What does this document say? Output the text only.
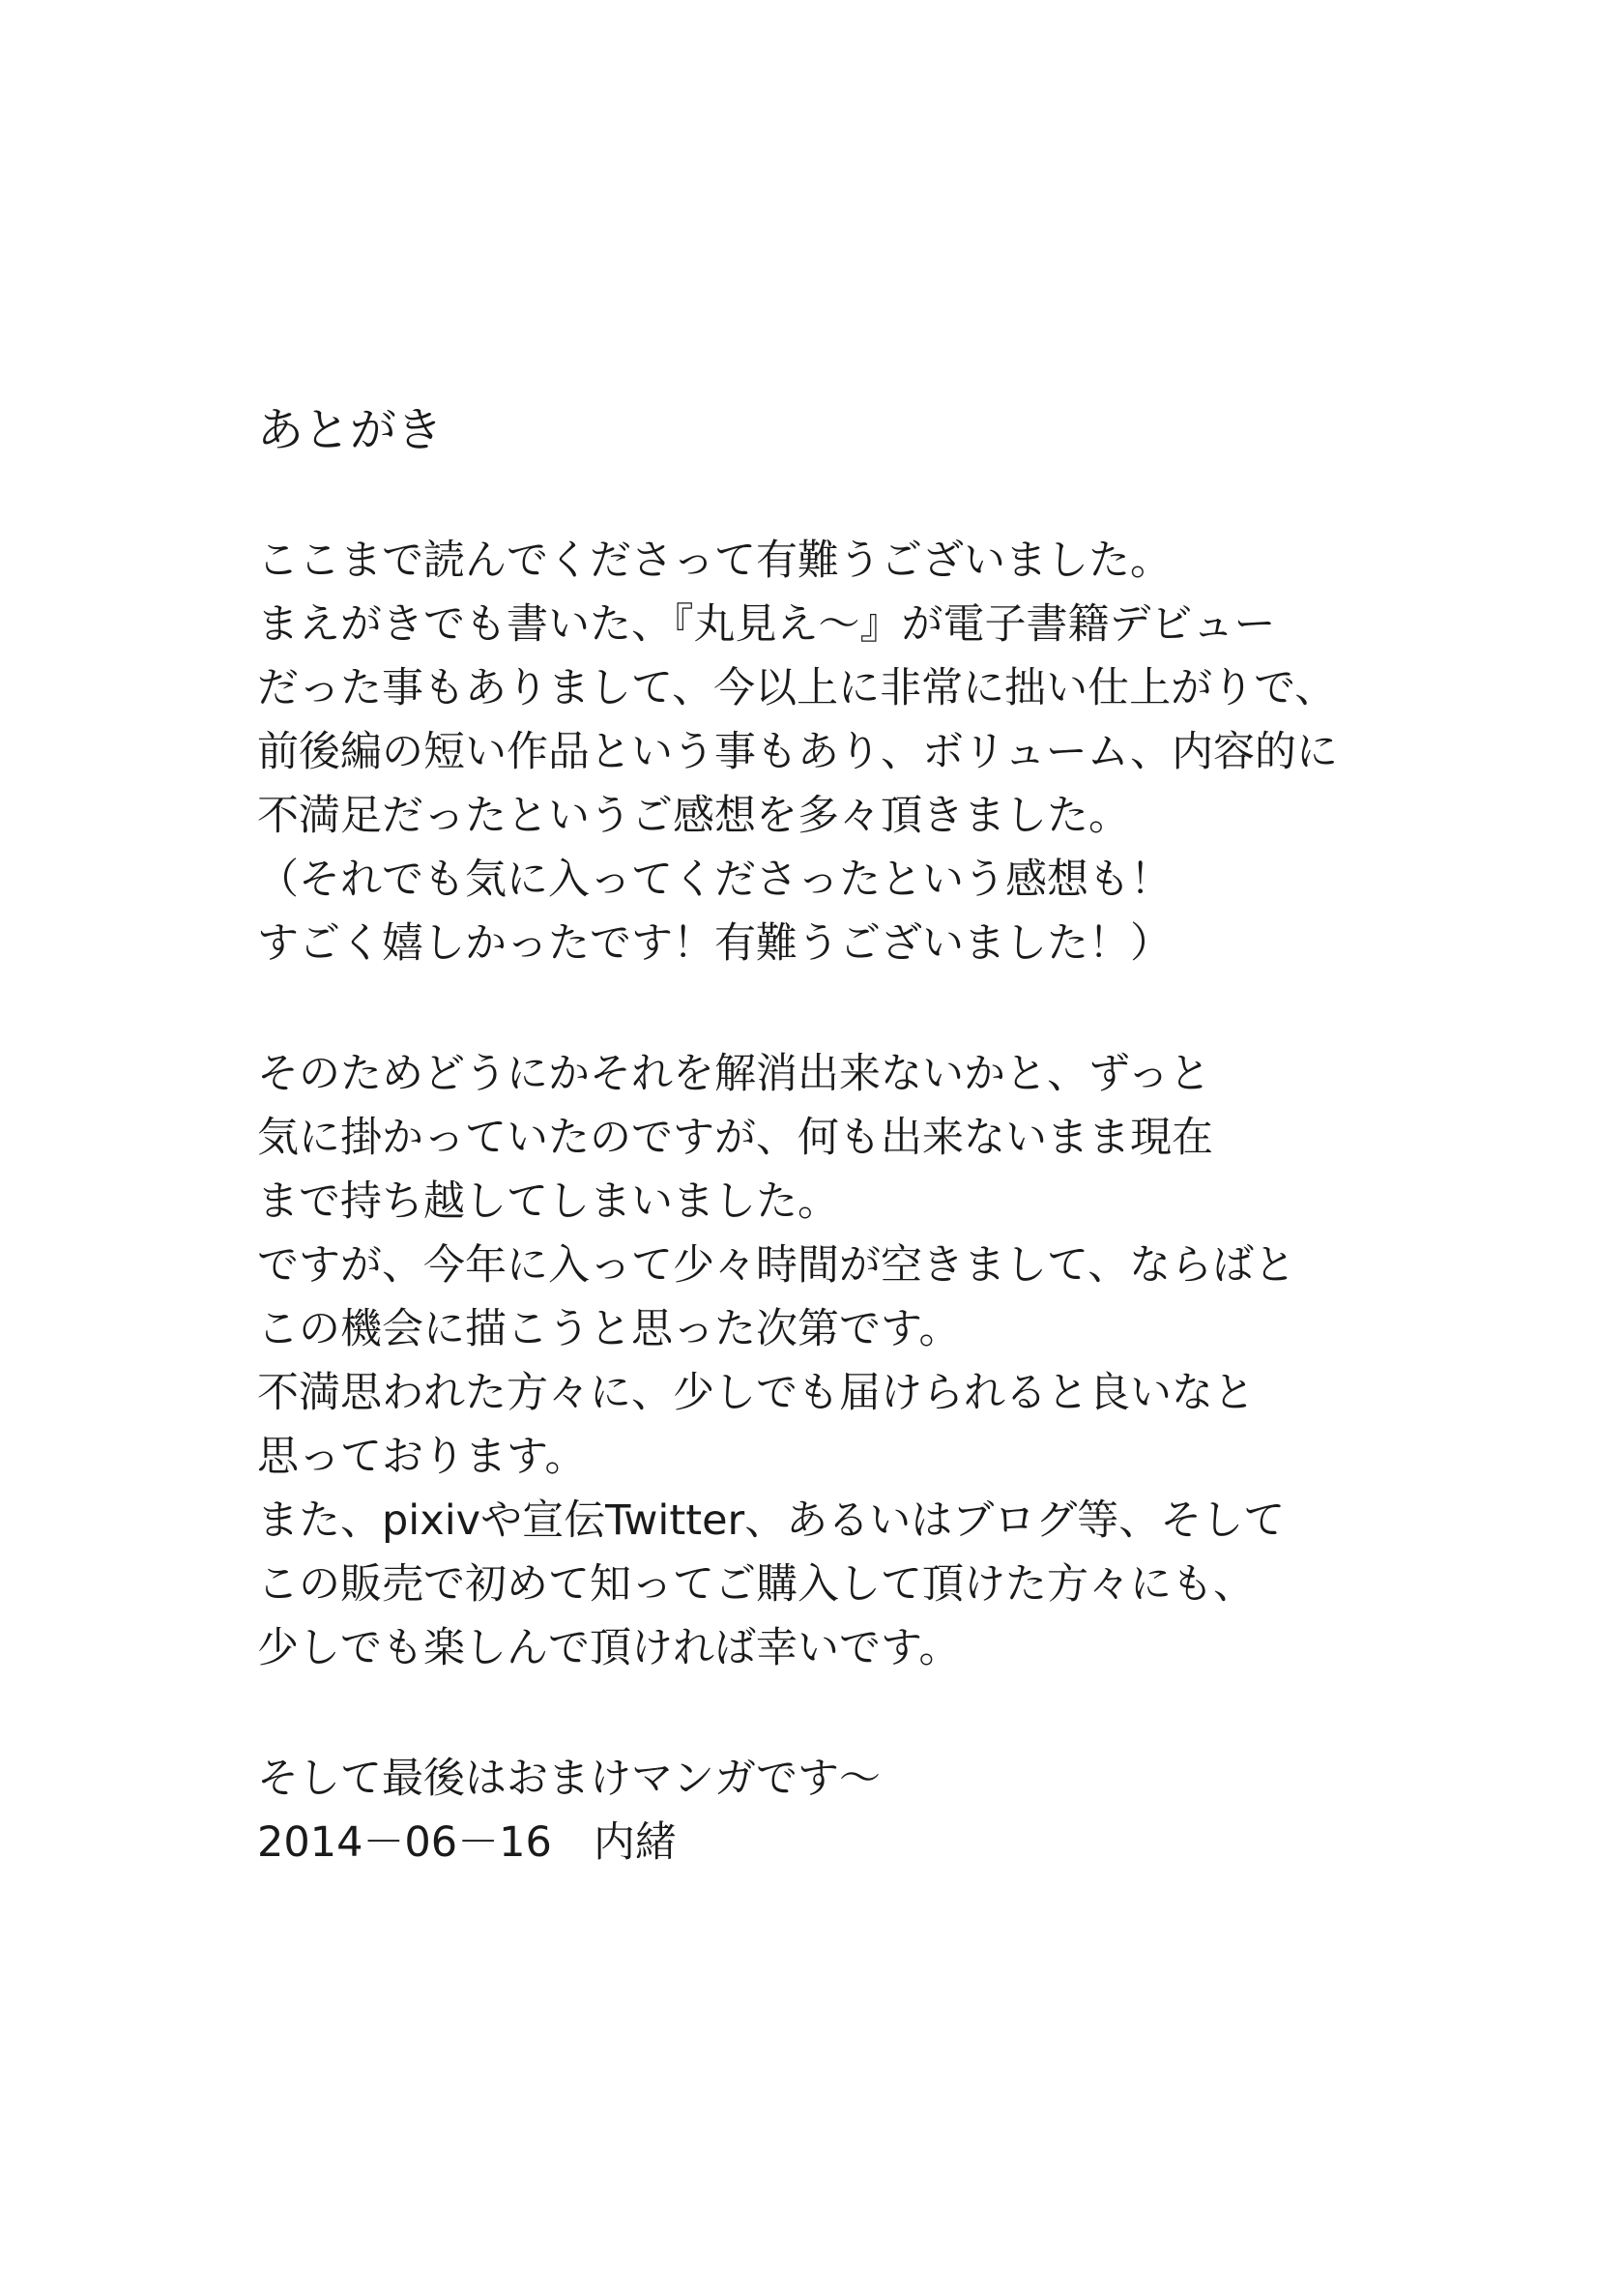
あとがき
ここまで読んでくださって有難うございました。
まえがきでも書いた、『丸見え～』が電子書籍デビュー
だった事もありまして、今以上に非常に拙い仕上がりで、
前後編の短い作品という事もあり、ボリューム、内容的に
不満足だったというご感想を多々頂きました。
（それでも気に入ってくださったという感想も！
すごく嬉しかったです！有難うございました！）
そのためどうにかそれを解消出来ないかと、ずっと
気に掛かっていたのですが、何も出来ないまま現在
まで持ち越してしまいました。
ですが、今年に入って少々時間が空きまして、ならばと
この機会に描こうと思った次第です。
不満思われた方々に、少しでも届けられると良いなと
思っております。
また、pixivや宣伝Twitter、あるいはブログ等、そして
この販売で初めて知ってご購入して頂けた方々にも、
少しでも楽しんで頂ければ幸いです。
そして最後はおまけマンガです～
2014－06－16　内緒
